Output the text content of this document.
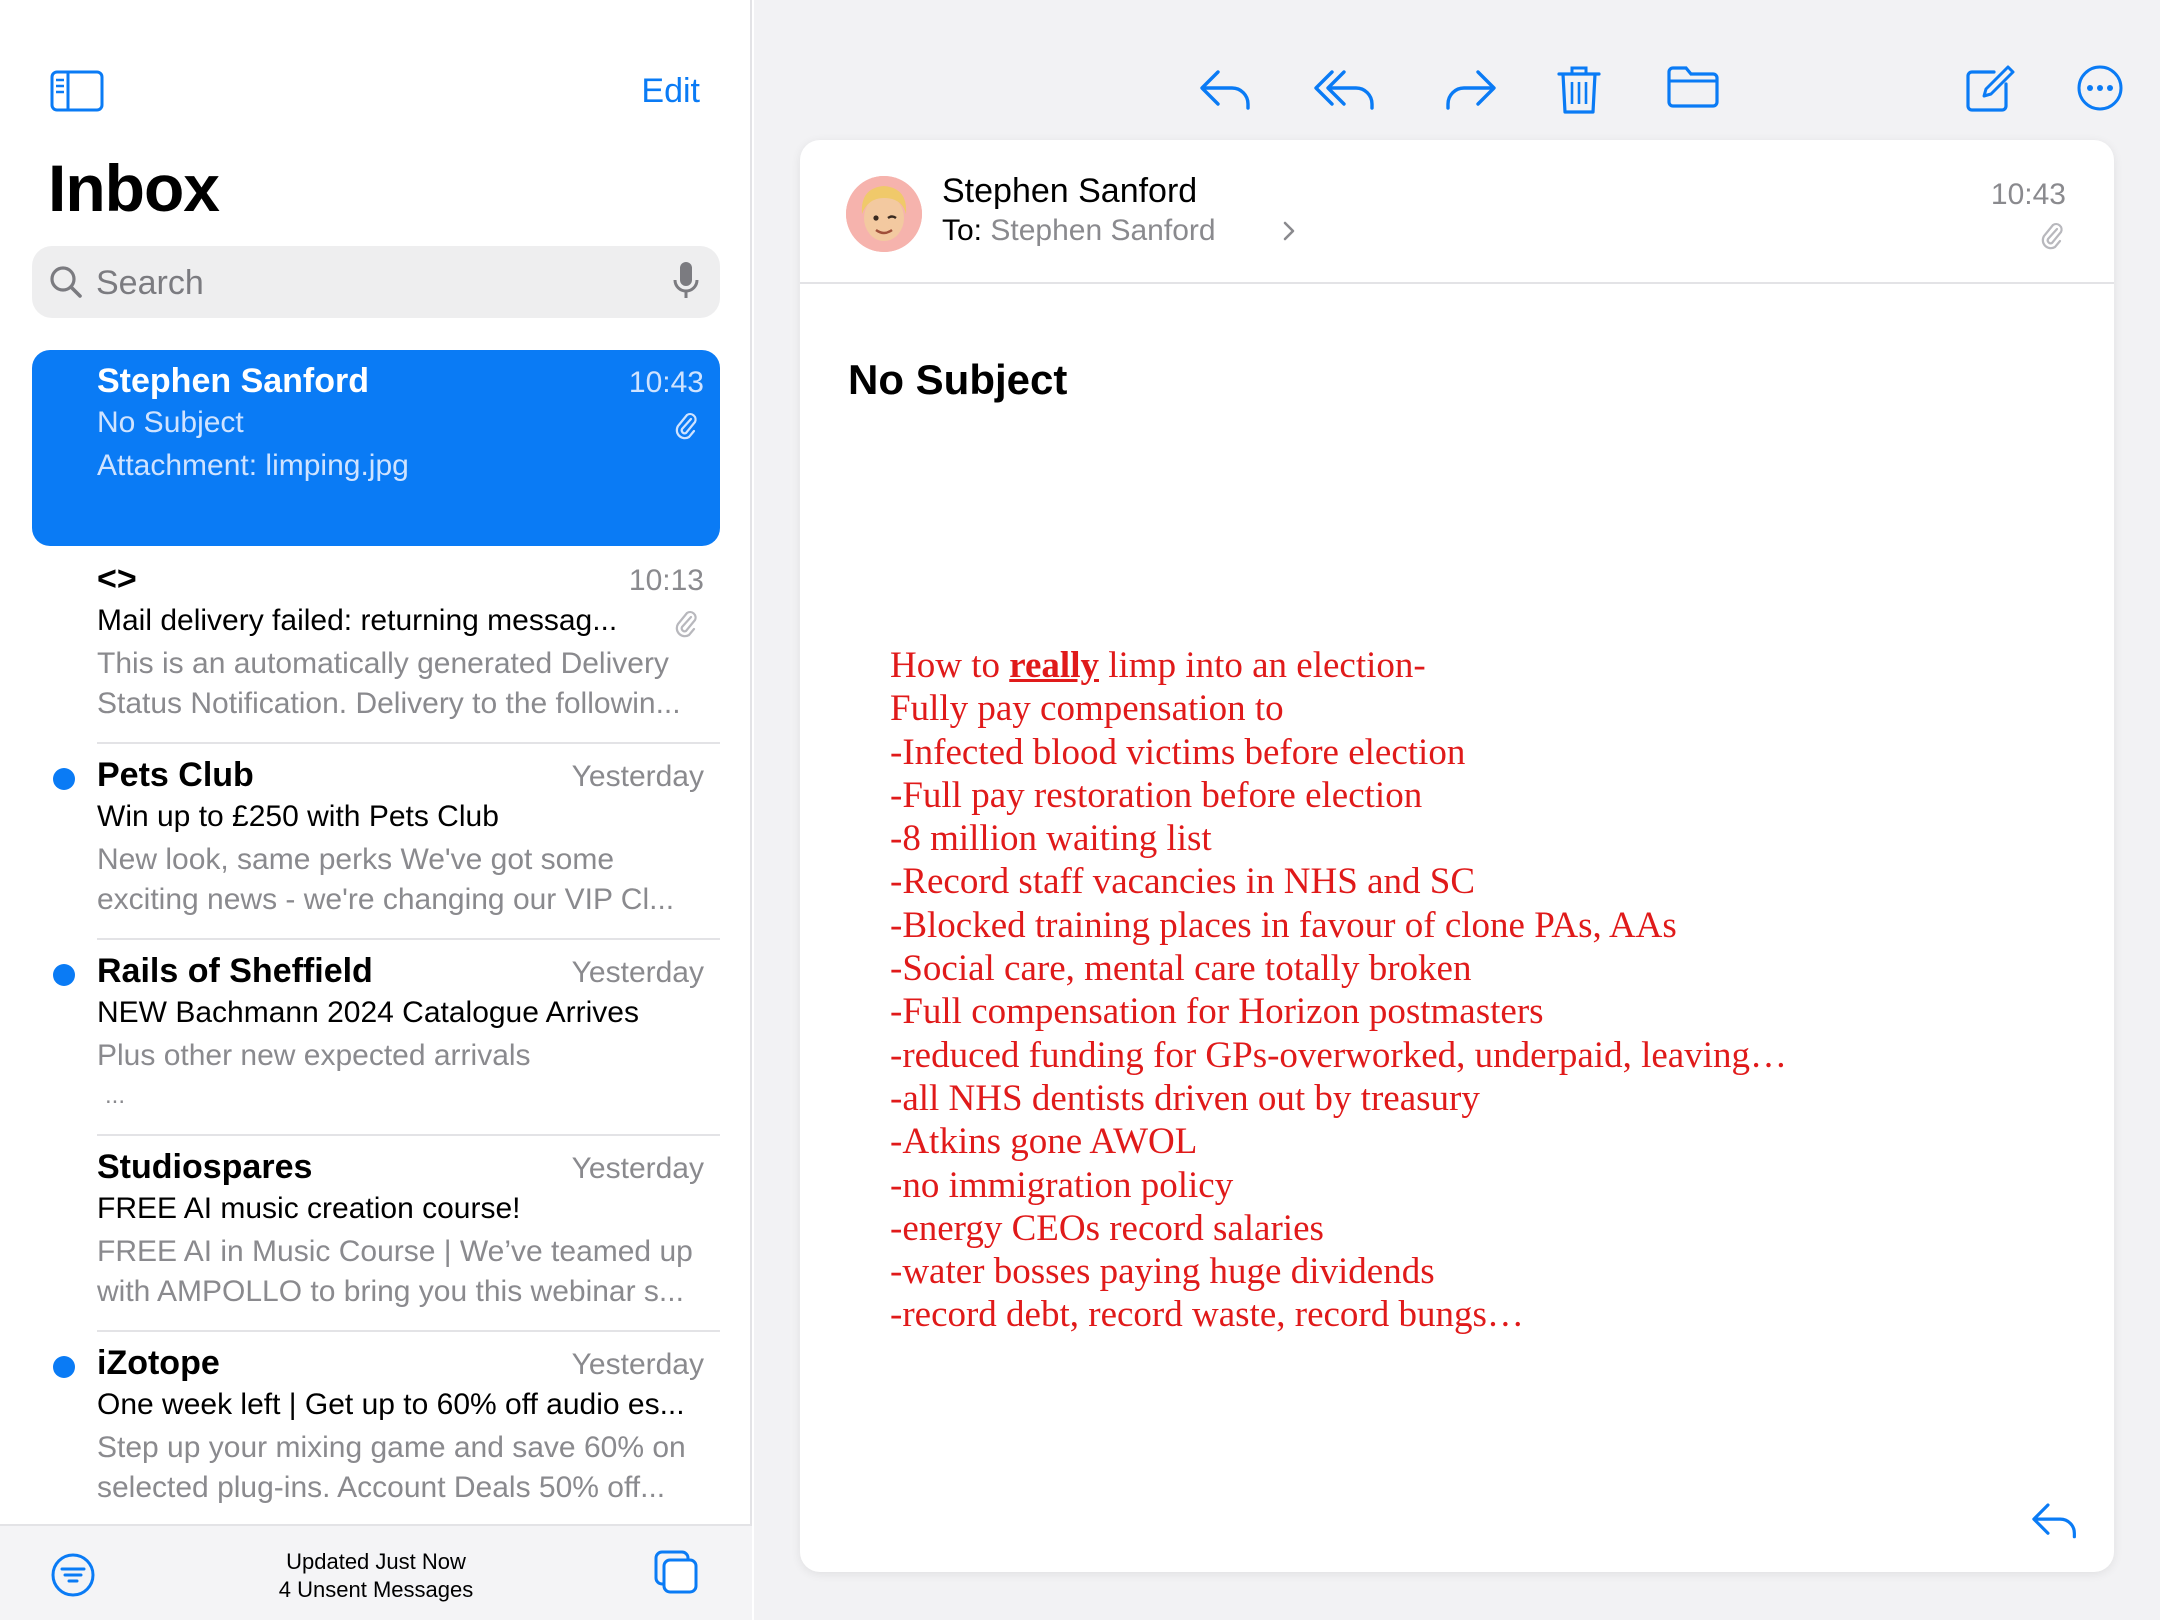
Edit
Inbox
Search
Stephen Sanford	10:43
No Subject
Attachment: limping.jpg
<>	10:13
Mail delivery failed: returning messag...
This is an automatically generated Delivery Status Notification. Delivery to the followin...
Pets Club	Yesterday
Win up to £250 with Pets Club
New look, same perks We've got some exciting news - we're changing our VIP Cl...
Rails of Sheffield	Yesterday
NEW Bachmann 2024 Catalogue Arrives
Plus other new expected arrivals
...
Studiospares	Yesterday
FREE AI music creation course!
FREE AI in Music Course | We’ve teamed up with AMPOLLO to bring you this webinar s...
iZotope	Yesterday
One week left | Get up to 60% off audio es...
Step up your mixing game and save 60% on selected plug-ins. Account Deals 50% off...
Updated Just Now
4 Unsent Messages
Stephen Sanford
To: Stephen Sanford
10:43
No Subject
How to really limp into an election-
Fully pay compensation to
-Infected blood victims before election
-Full pay restoration before election
-8 million waiting list
-Record staff vacancies in NHS and SC
-Blocked training places in favour of clone PAs, AAs
-Social care, mental care totally broken
-Full compensation for Horizon postmasters
-reduced funding for GPs-overworked, underpaid, leaving…
-all NHS dentists driven out by treasury
-Atkins gone AWOL
-no immigration policy
-energy CEOs record salaries
-water bosses paying huge dividends
-record debt, record waste, record bungs…
